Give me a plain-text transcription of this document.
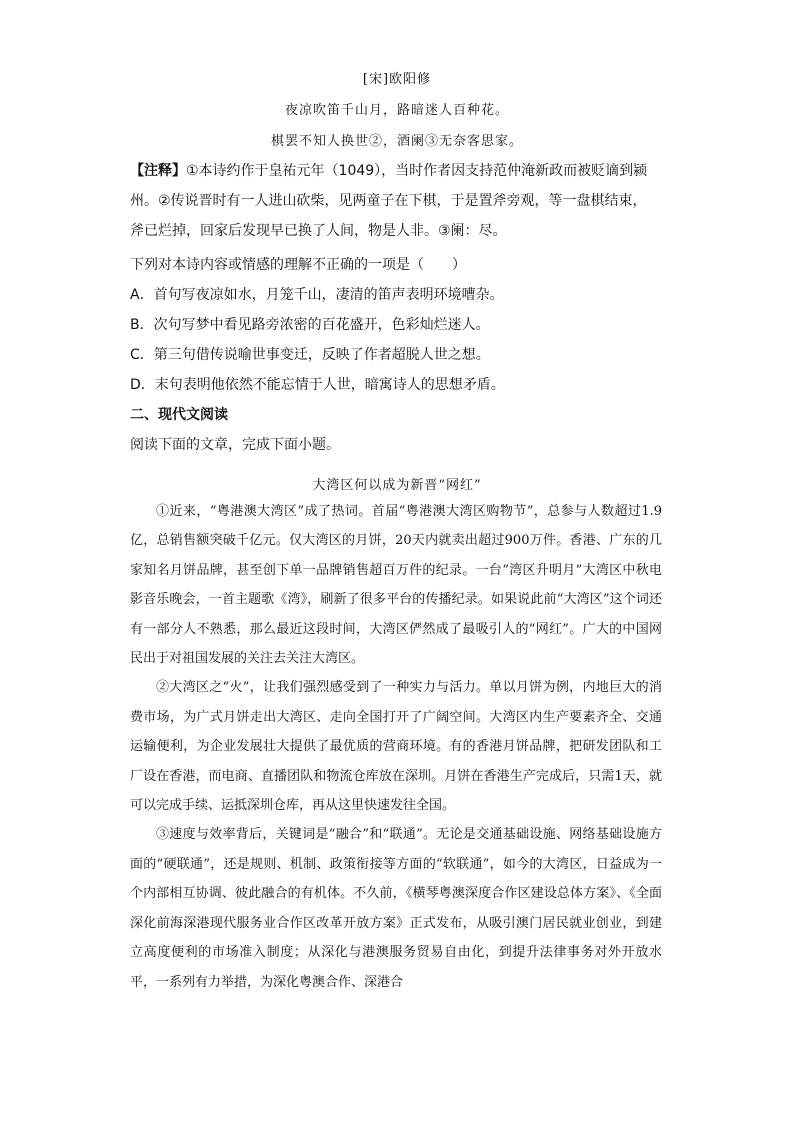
[宋]欧阳修
夜凉吹笛千山月，路暗迷人百种花。
棋罢不知人换世②，酒阑③无奈客思家。

【注释】①本诗约作于皇祐元年（1049），当时作者因支持范仲淹新政而被贬谪到颍州。②传说晋时有一人进山砍柴，见两童子在下棋，于是置斧旁观，等一盘棋结束，斧已烂掉，回家后发现早已换了人间，物是人非。③阑：尽。

下列对本诗内容或情感的理解不正确的一项是（　　）

A．首句写夜凉如水，月笼千山，凄清的笛声表明环境嘈杂。

B．次句写梦中看见路旁浓密的百花盛开，色彩灿烂迷人。

C．第三句借传说喻世事变迁，反映了作者超脱人世之想。

D．末句表明他依然不能忘情于人世，暗寓诗人的思想矛盾。

二、现代文阅读

阅读下面的文章，完成下面小题。

大湾区何以成为新晋“网红”

①近来，“粤港澳大湾区”成了热词。首届“粤港澳大湾区购物节”，总参与人数超过1.9亿，总销售额突破千亿元。仅大湾区的月饼，20天内就卖出超过900万件。香港、广东的几家知名月饼品牌，甚至创下单一品牌销售超百万件的纪录。一台“湾区升明月”大湾区中秋电影音乐晚会，一首主题歌《湾》，刷新了很多平台的传播纪录。如果说此前“大湾区”这个词还有一部分人不熟悉，那么最近这段时间，大湾区俨然成了最吸引人的“网红”。广大的中国网民出于对祖国发展的关注去关注大湾区。

②大湾区之“火”，让我们强烈感受到了一种实力与活力。单以月饼为例，内地巨大的消费市场，为广式月饼走出大湾区、走向全国打开了广阔空间。大湾区内生产要素齐全、交通运输便利，为企业发展壮大提供了最优质的营商环境。有的香港月饼品牌，把研发团队和工厂设在香港，而电商、直播团队和物流仓库放在深圳。月饼在香港生产完成后，只需1天，就可以完成手续、运抵深圳仓库，再从这里快速发往全国。

③速度与效率背后，关键词是“融合”和“联通”。无论是交通基础设施、网络基础设施方面的“硬联通”，还是规则、机制、政策衔接等方面的“软联通”，如今的大湾区，日益成为一个内部相互协调、彼此融合的有机体。不久前，《横琴粤澳深度合作区建设总体方案》、《全面深化前海深港现代服务业合作区改革开放方案》正式发布，从吸引澳门居民就业创业，到建立高度便利的市场准入制度；从深化与港澳服务贸易自由化，到提升法律事务对外开放水平，一系列有力举措，为深化粤澳合作、深港合
